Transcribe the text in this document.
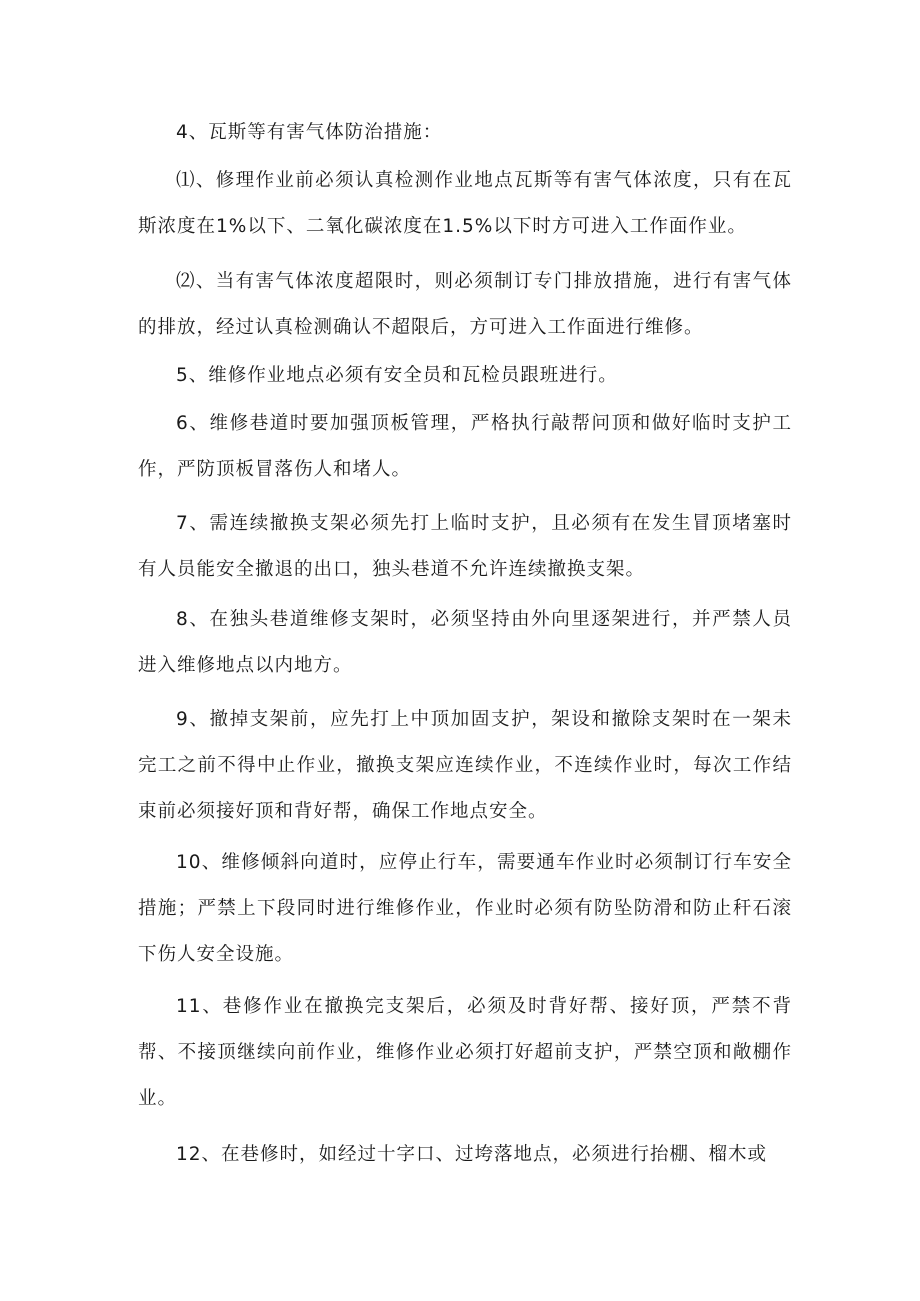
4、瓦斯等有害气体防治措施：

⑴、修理作业前必须认真检测作业地点瓦斯等有害气体浓度，只有在瓦斯浓度在1%以下、二氧化碳浓度在1.5%以下时方可进入工作面作业。

⑵、当有害气体浓度超限时，则必须制订专门排放措施，进行有害气体的排放，经过认真检测确认不超限后，方可进入工作面进行维修。

5、维修作业地点必须有安全员和瓦检员跟班进行。

6、维修巷道时要加强顶板管理，严格执行敲帮问顶和做好临时支护工作，严防顶板冒落伤人和堵人。

7、需连续撤换支架必须先打上临时支护，且必须有在发生冒顶堵塞时有人员能安全撤退的出口，独头巷道不允许连续撤换支架。

8、在独头巷道维修支架时，必须坚持由外向里逐架进行，并严禁人员进入维修地点以内地方。

9、撤掉支架前，应先打上中顶加固支护，架设和撤除支架时在一架未完工之前不得中止作业，撤换支架应连续作业，不连续作业时，每次工作结束前必须接好顶和背好帮，确保工作地点安全。

10、维修倾斜向道时，应停止行车，需要通车作业时必须制订行车安全措施；严禁上下段同时进行维修作业，作业时必须有防坠防滑和防止秆石滚下伤人安全设施。

11、巷修作业在撤换完支架后，必须及时背好帮、接好顶，严禁不背帮、不接顶继续向前作业，维修作业必须打好超前支护，严禁空顶和敞棚作业。

12、在巷修时，如经过十字口、过垮落地点，必须进行抬棚、榴木或
